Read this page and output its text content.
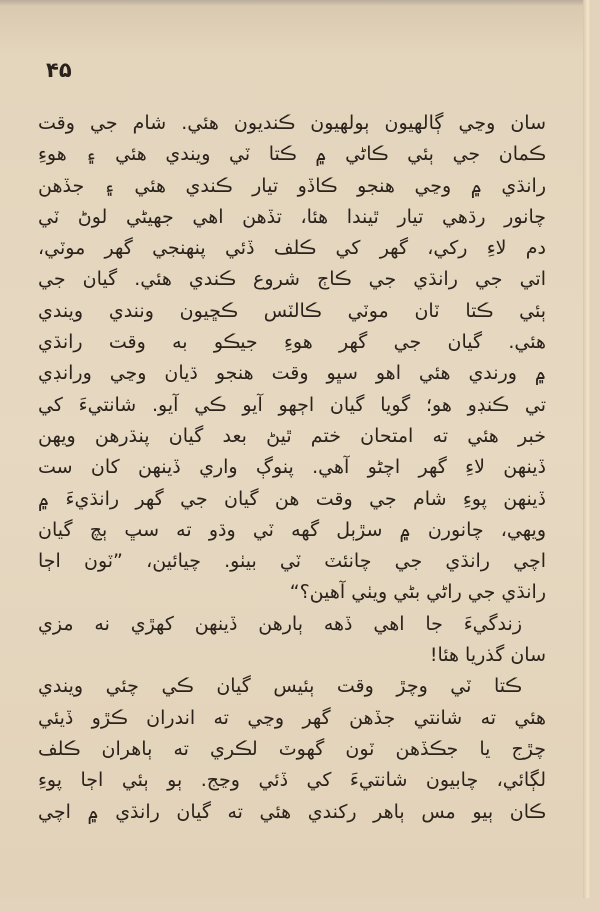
۴۵
سان وڃي ڳالهيون ٻولهيون ڪنديون هئي. شام جي وقت
ڪمان جي ٻئي ڪاڻي ۾ ڪتا ٽي ويندي هئي ۽ هوءِ
رانڌي ۾ وڃي هنجو ڪاڏو تيار ڪندي هئي ۽ جڏهن
چانور رڌهي تيار ٿيندا هئا، تڏهن اهي جهيڻي لوڻ ٽي
دم لاءِ رکي، گهر کي ڪلف ڏئي پنهنجي گهر موٽي،
اتي جي رانڌي جي ڪاڄ شروع ڪندي هئي. گيان جي
ٻئي ڪتا ٽان موٽي ڪالٽس ڪڇيون ونندي ويندي
هئي. گيان جي گهر هوءِ جيڪو به وقت رانڌي
۾ ورندي هئي اهو سڀو وقت هنجو ڌيان وڃي ورانڊي
تي ڪنڊو هو؛ گويا گيان اڄهو آيو ڪي آيو. شانتيءَ کي
خبر هئي ته امتحان ختم ٿيڻ بعد گيان پنڌرهن ويهن
ڏينهن لاءِ گهر اچڻو آهي. پنوڳ واري ڏينهن کان ست
ڏينهن پوءِ شام جي وقت هن گيان جي گهر رانڌيءَ ۾
ويهي، چانورن ۾ سڙٻل گهه ٽي وڌو ته سڀ ٻچ گيان
اچي رانڌي جي چانئٽ ٽي بيٺو. چيائين، ”ٽون اڄا
رانڌي جي راڻي بڻي ويٺي آهين؟“
زندگيءَ جا اهي ڏهه ٻارهن ڏينهن کهڙي نه مزي
سان گذريا هئا!
ڪتا ٽي وچڙ وقت ٻئيس گيان ڪي چئي ويندي
هئي ته شانتي جڏهن گهر وڃي ته اندران ڪڙو ڏيئي
چڙج يا جڪڏهن ٽون گهوٽ لڪري ته ٻاهران ڪلف
لڳائي، چابيون شانتيءَ کي ڏئي وڃج. ٻو ٻئي اڄا پوءِ
ڪان ٻيو مس ٻاهر رکندي هئي ته گيان رانڌي ۾ اچي
